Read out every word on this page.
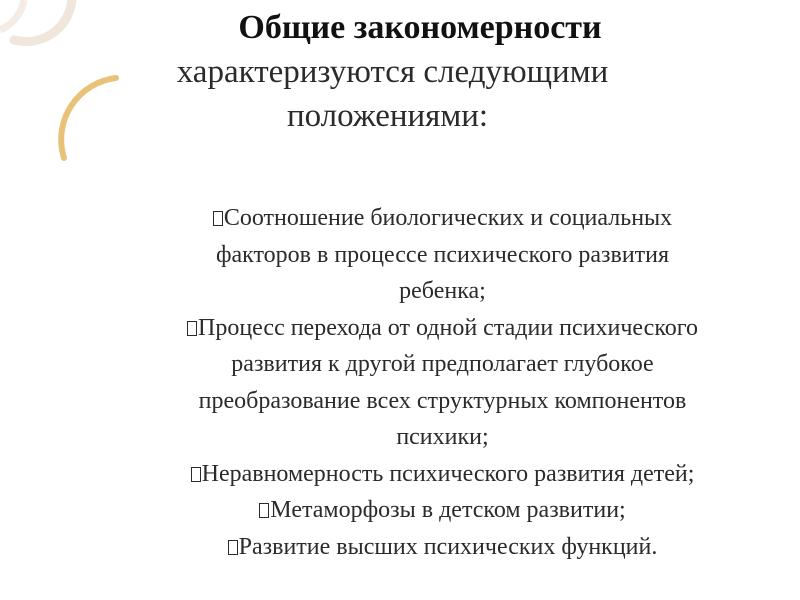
Общие закономерности
характеризуются следующими
положениями:
Соотношение биологических и социальных
факторов в процессе психического развития
ребенка;
Процесс перехода от одной стадии психического
развития к другой предполагает глубокое
преобразование всех структурных компонентов
психики;
Неравномерность психического развития детей;
Метаморфозы в детском развитии;
Развитие высших психических функций.
